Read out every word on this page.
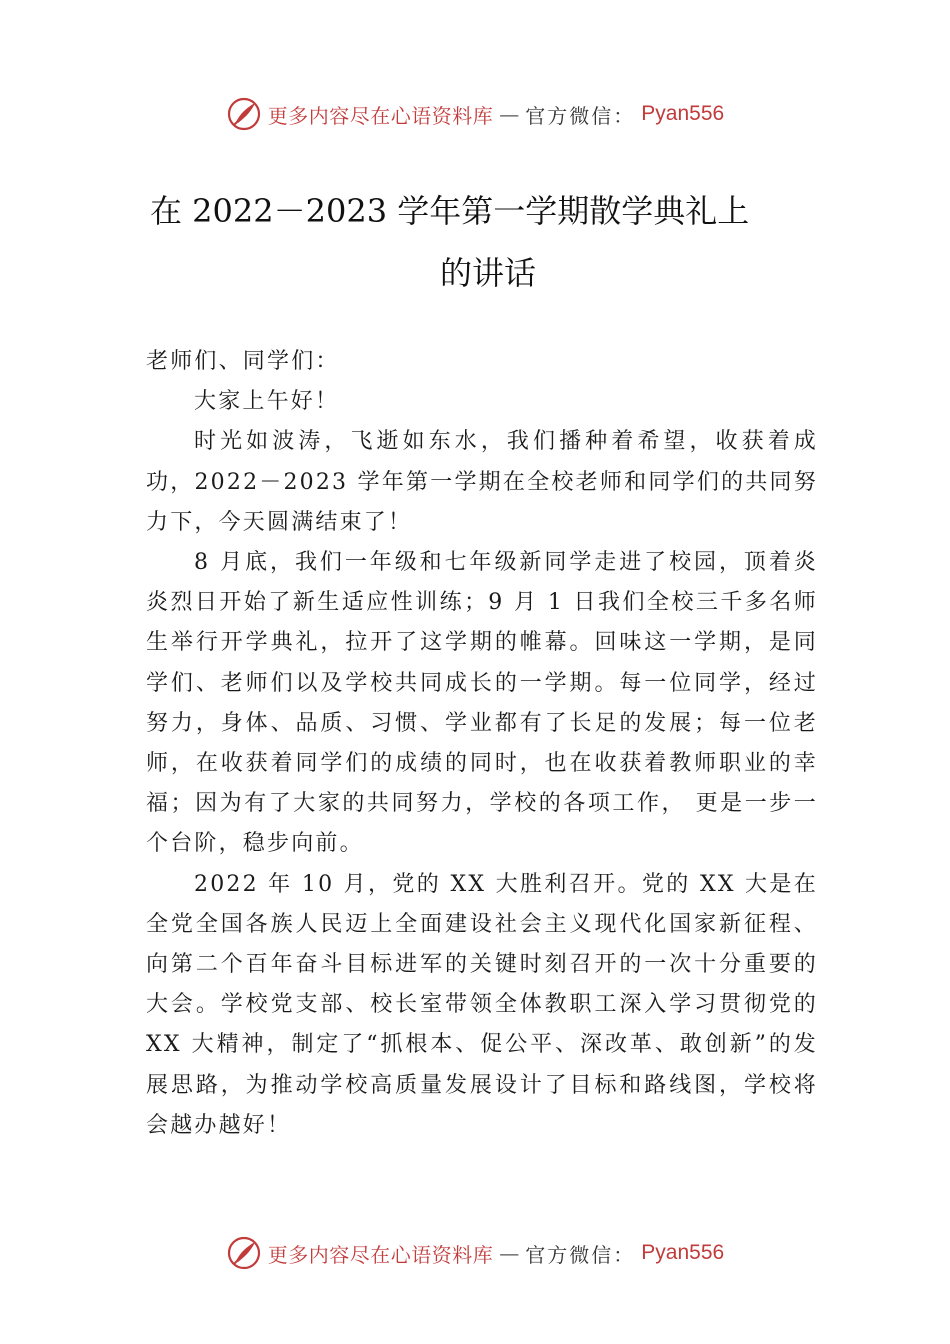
更多内容尽在心语资料库 — 官方微信： Pyan556
在 2022－2023 学年第一学期散学典礼上
的讲话

老师们、同学们：

大家上午好！

时光如波涛，飞逝如东水，我们播种着希望，收获着成功，2022－2023 学年第一学期在全校老师和同学们的共同努力下，今天圆满结束了！

8 月底，我们一年级和七年级新同学走进了校园，顶着炎炎烈日开始了新生适应性训练；9 月 1 日我们全校三千多名师生举行开学典礼，拉开了这学期的帷幕。回味这一学期，是同学们、老师们以及学校共同成长的一学期。每一位同学，经过努力，身体、品质、习惯、学业都有了长足的发展；每一位老师，在收获着同学们的成绩的同时，也在收获着教师职业的幸福；因为有了大家的共同努力，学校的各项工作， 更是一步一个台阶，稳步向前。

2022 年 10 月，党的 XX 大胜利召开。党的 XX 大是在全党全国各族人民迈上全面建设社会主义现代化国家新征程、向第二个百年奋斗目标进军的关键时刻召开的一次十分重要的大会。学校党支部、校长室带领全体教职工深入学习贯彻党的 XX 大精神，制定了“抓根本、促公平、深改革、敢创新”的发展思路，为推动学校高质量发展设计了目标和路线图，学校将会越办越好！

更多内容尽在心语资料库 — 官方微信： Pyan556
